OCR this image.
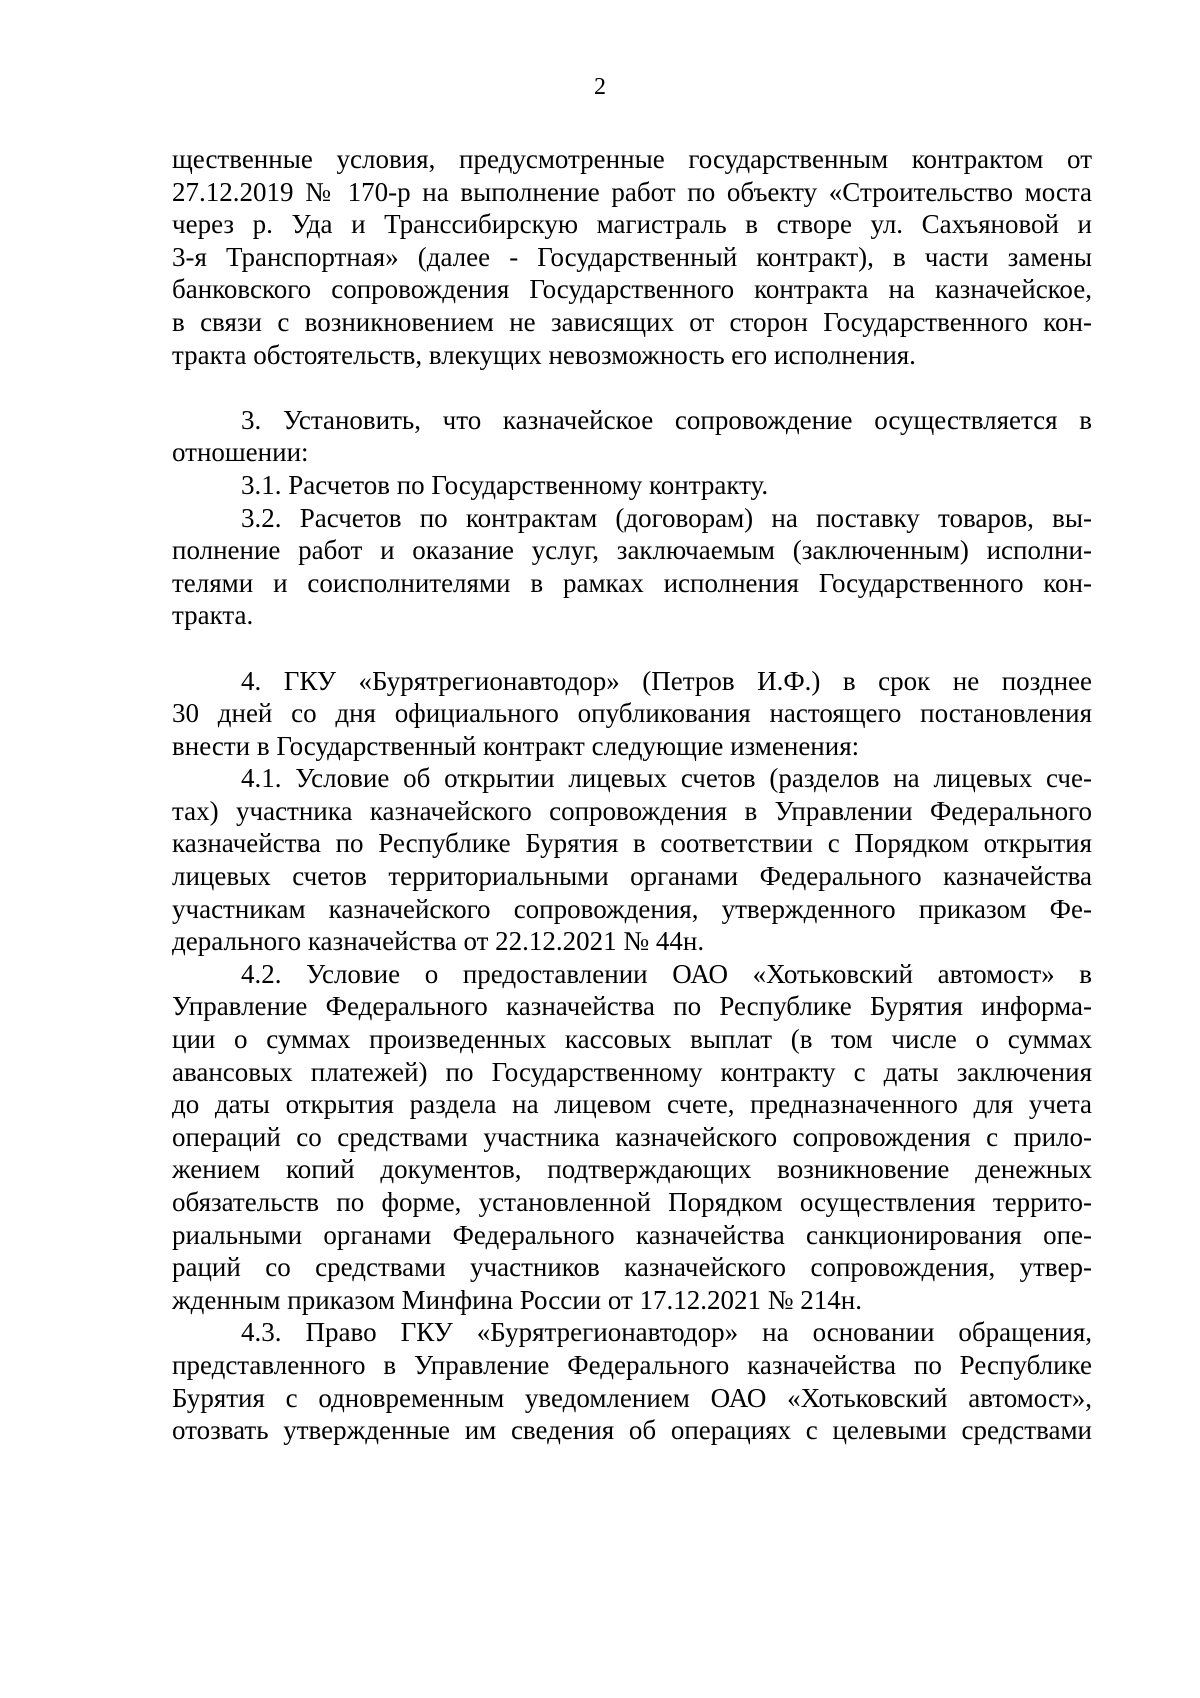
2
щественные условия, предусмотренные государственным контрактом от
27.12.2019 № 170-р на выполнение работ по объекту «Строительство моста
через р. Уда и Транссибирскую магистраль в створе ул. Сахъяновой и
3-я Транспортная» (далее - Государственный контракт), в части замены
банковского сопровождения Государственного контракта на казначейское,
в связи с возникновением не зависящих от сторон Государственного кон-
тракта обстоятельств, влекущих невозможность его исполнения.
3. Установить, что казначейское сопровождение осуществляется в
отношении:
3.1. Расчетов по Государственному контракту.
3.2. Расчетов по контрактам (договорам) на поставку товаров, вы-
полнение работ и оказание услуг, заключаемым (заключенным) исполни-
телями и соисполнителями в рамках исполнения Государственного кон-
тракта.
4. ГКУ «Бурятрегионавтодор» (Петров И.Ф.) в срок не позднее
30 дней со дня официального опубликования настоящего постановления
внести в Государственный контракт следующие изменения:
4.1. Условие об открытии лицевых счетов (разделов на лицевых сче-
тах) участника казначейского сопровождения в Управлении Федерального
казначейства по Республике Бурятия в соответствии с Порядком открытия
лицевых счетов территориальными органами Федерального казначейства
участникам казначейского сопровождения, утвержденного приказом Фе-
дерального казначейства от 22.12.2021 № 44н.
4.2. Условие о предоставлении ОАО «Хотьковский автомост» в
Управление Федерального казначейства по Республике Бурятия информа-
ции о суммах произведенных кассовых выплат (в том числе о суммах
авансовых платежей) по Государственному контракту с даты заключения
до даты открытия раздела на лицевом счете, предназначенного для учета
операций со средствами участника казначейского сопровождения с прило-
жением копий документов, подтверждающих возникновение денежных
обязательств по форме, установленной Порядком осуществления террито-
риальными органами Федерального казначейства санкционирования опе-
раций со средствами участников казначейского сопровождения, утвер-
жденным приказом Минфина России от 17.12.2021 № 214н.
4.3. Право ГКУ «Бурятрегионавтодор» на основании обращения,
представленного в Управление Федерального казначейства по Республике
Бурятия с одновременным уведомлением ОАО «Хотьковский автомост»,
отозвать утвержденные им сведения об операциях с целевыми средствами
